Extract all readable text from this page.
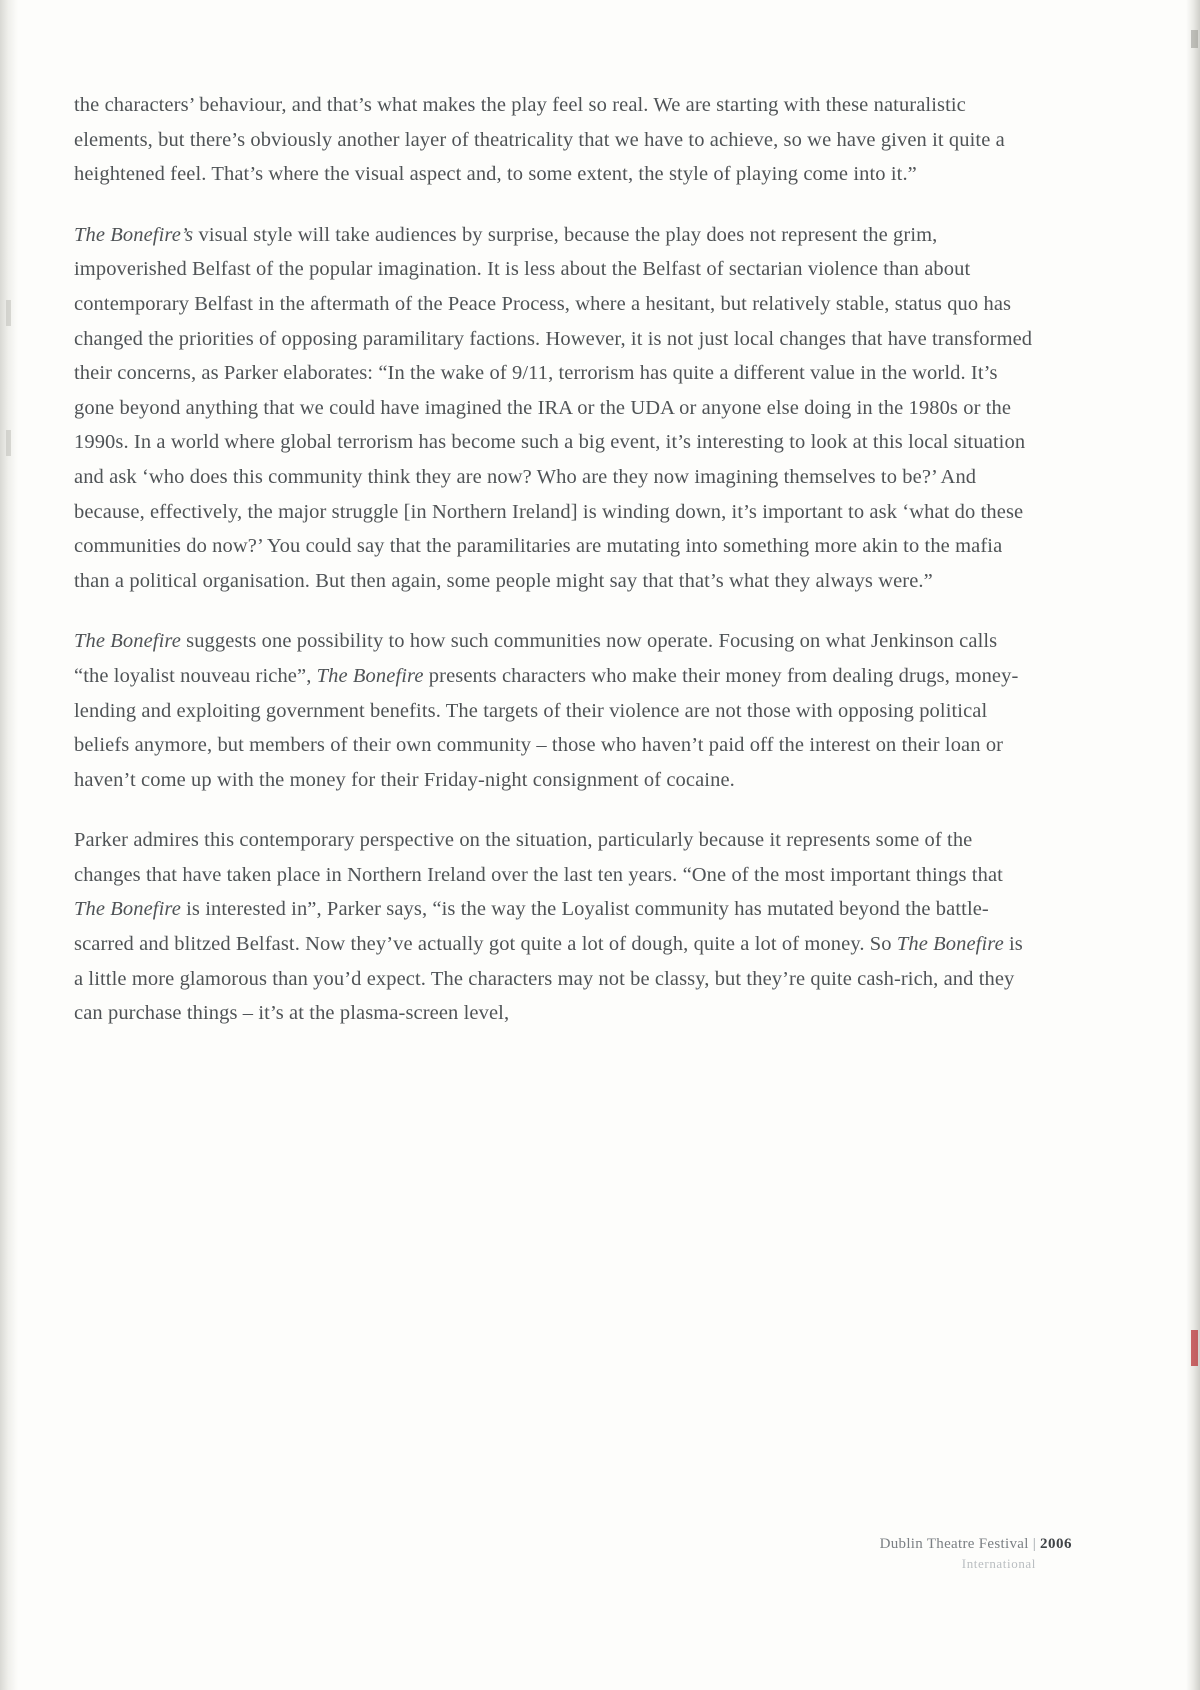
the characters’ behaviour, and that’s what makes the play feel so real. We are starting with these naturalistic elements, but there’s obviously another layer of theatricality that we have to achieve, so we have given it quite a heightened feel. That’s where the visual aspect and, to some extent, the style of playing come into it.”

The Bonefire’s visual style will take audiences by surprise, because the play does not represent the grim, impoverished Belfast of the popular imagination. It is less about the Belfast of sectarian violence than about contemporary Belfast in the aftermath of the Peace Process, where a hesitant, but relatively stable, status quo has changed the priorities of opposing paramilitary factions. However, it is not just local changes that have transformed their concerns, as Parker elaborates: “In the wake of 9/11, terrorism has quite a different value in the world. It’s gone beyond anything that we could have imagined the IRA or the UDA or anyone else doing in the 1980s or the 1990s. In a world where global terrorism has become such a big event, it’s interesting to look at this local situation and ask ‘who does this community think they are now? Who are they now imagining themselves to be?’ And because, effectively, the major struggle [in Northern Ireland] is winding down, it’s important to ask ‘what do these communities do now?’ You could say that the paramilitaries are mutating into something more akin to the mafia than a political organisation. But then again, some people might say that that’s what they always were.”

The Bonefire suggests one possibility to how such communities now operate. Focusing on what Jenkinson calls “the loyalist nouveau riche”, The Bonefire presents characters who make their money from dealing drugs, money-lending and exploiting government benefits. The targets of their violence are not those with opposing political beliefs anymore, but members of their own community – those who haven’t paid off the interest on their loan or haven’t come up with the money for their Friday-night consignment of cocaine.

Parker admires this contemporary perspective on the situation, particularly because it represents some of the changes that have taken place in Northern Ireland over the last ten years. “One of the most important things that The Bonefire is interested in”, Parker says, “is the way the Loyalist community has mutated beyond the battle-scarred and blitzed Belfast. Now they’ve actually got quite a lot of dough, quite a lot of money. So The Bonefire is a little more glamorous than you’d expect. The characters may not be classy, but they’re quite cash-rich, and they can purchase things – it’s at the plasma-screen level,

Dublin Theatre Festival | 2006
International
